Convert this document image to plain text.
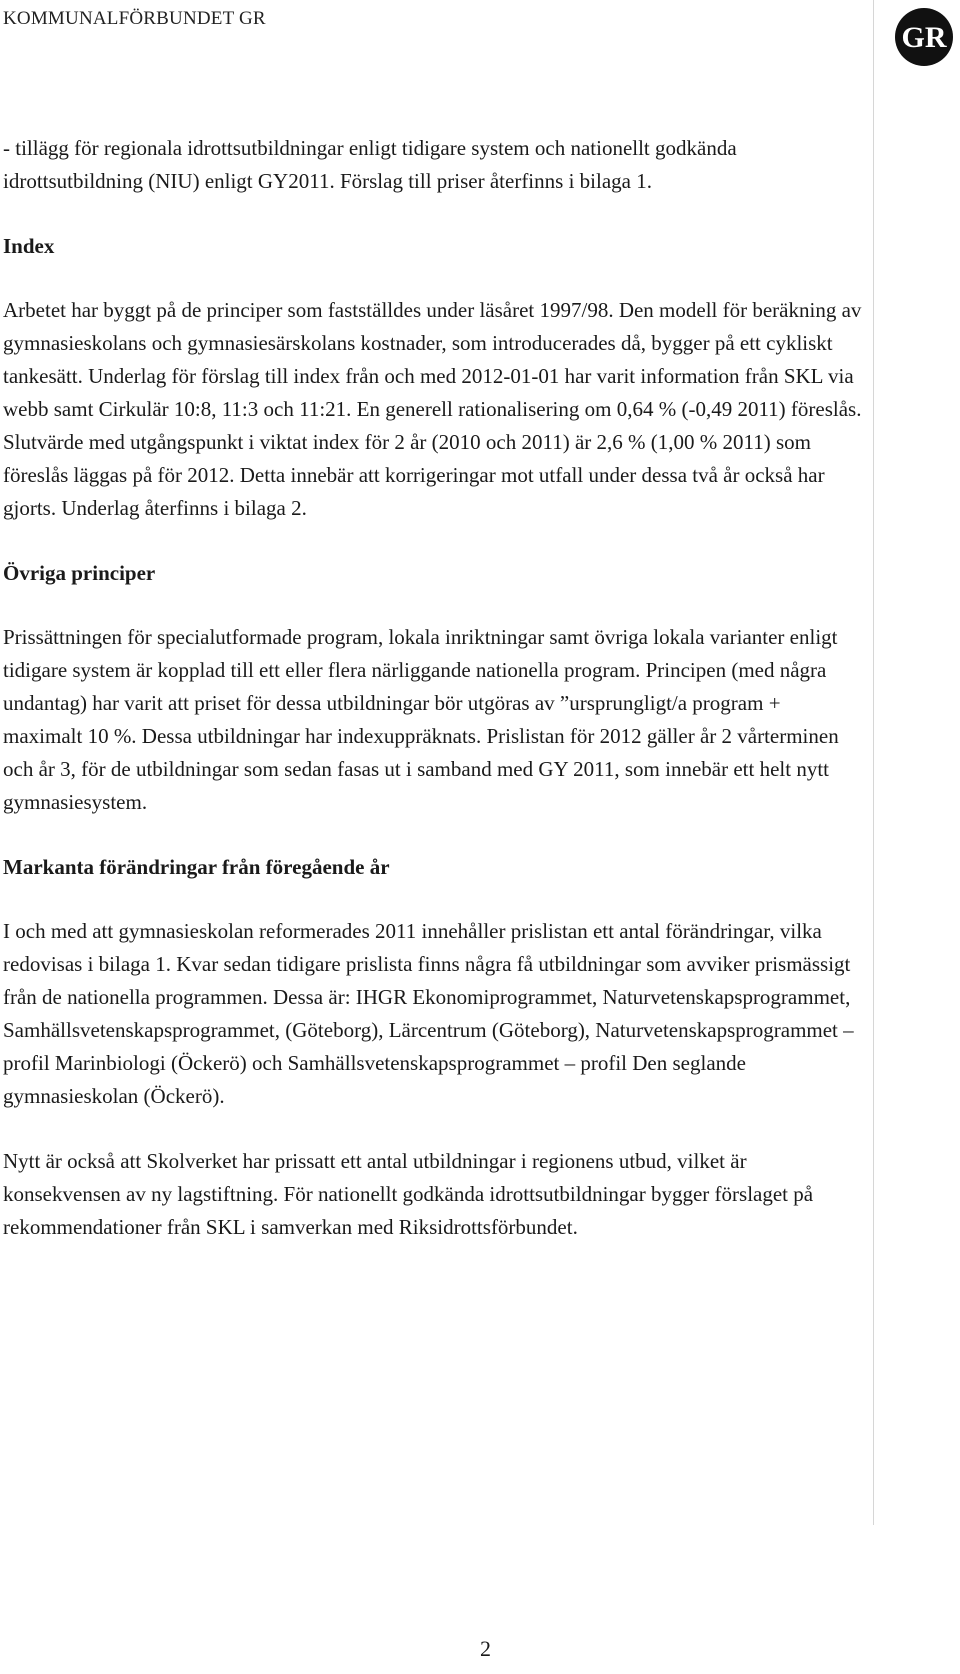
KOMMUNALFÖRBUNDET GR
GR

- tillägg för regionala idrottsutbildningar enligt tidigare system och nationellt godkända idrottsutbildning (NIU) enligt GY2011. Förslag till priser återfinns i bilaga 1.

Index

Arbetet har byggt på de principer som fastställdes under läsåret 1997/98. Den modell för beräkning av gymnasieskolans och gymnasiesärskolans kostnader, som introducerades då, bygger på ett cykliskt tankesätt. Underlag för förslag till index från och med 2012-01-01 har varit information från SKL via webb samt Cirkulär 10:8, 11:3 och 11:21. En generell rationalisering om 0,64 % (-0,49 2011) föreslås. Slutvärde med utgångspunkt i viktat index för 2 år (2010 och 2011) är 2,6 % (1,00 % 2011) som föreslås läggas på för 2012. Detta innebär att korrigeringar mot utfall under dessa två år också har gjorts. Underlag återfinns i bilaga 2.

Övriga principer

Prissättningen för specialutformade program, lokala inriktningar samt övriga lokala varianter enligt tidigare system är kopplad till ett eller flera närliggande nationella program. Principen (med några undantag) har varit att priset för dessa utbildningar bör utgöras av ”ursprungligt/a program + maximalt 10 %. Dessa utbildningar har indexuppräknats. Prislistan för 2012 gäller år 2 vårterminen och år 3, för de utbildningar som sedan fasas ut i samband med GY 2011, som innebär ett helt nytt gymnasiesystem.

Markanta förändringar från föregående år

I och med att gymnasieskolan reformerades 2011 innehåller prislistan ett antal förändringar, vilka redovisas i bilaga 1. Kvar sedan tidigare prislista finns några få utbildningar som avviker prismässigt från de nationella programmen. Dessa är: IHGR Ekonomiprogrammet, Naturvetenskapsprogrammet, Samhällsvetenskapsprogrammet, (Göteborg), Lärcentrum (Göteborg), Naturvetenskapsprogrammet – profil Marinbiologi (Öckerö) och Samhällsvetenskapsprogrammet – profil Den seglande gymnasieskolan (Öckerö).

Nytt är också att Skolverket har prissatt ett antal utbildningar i regionens utbud, vilket är konsekvensen av ny lagstiftning. För nationellt godkända idrottsutbildningar bygger förslaget på rekommendationer från SKL i samverkan med Riksidrottsförbundet.

2
